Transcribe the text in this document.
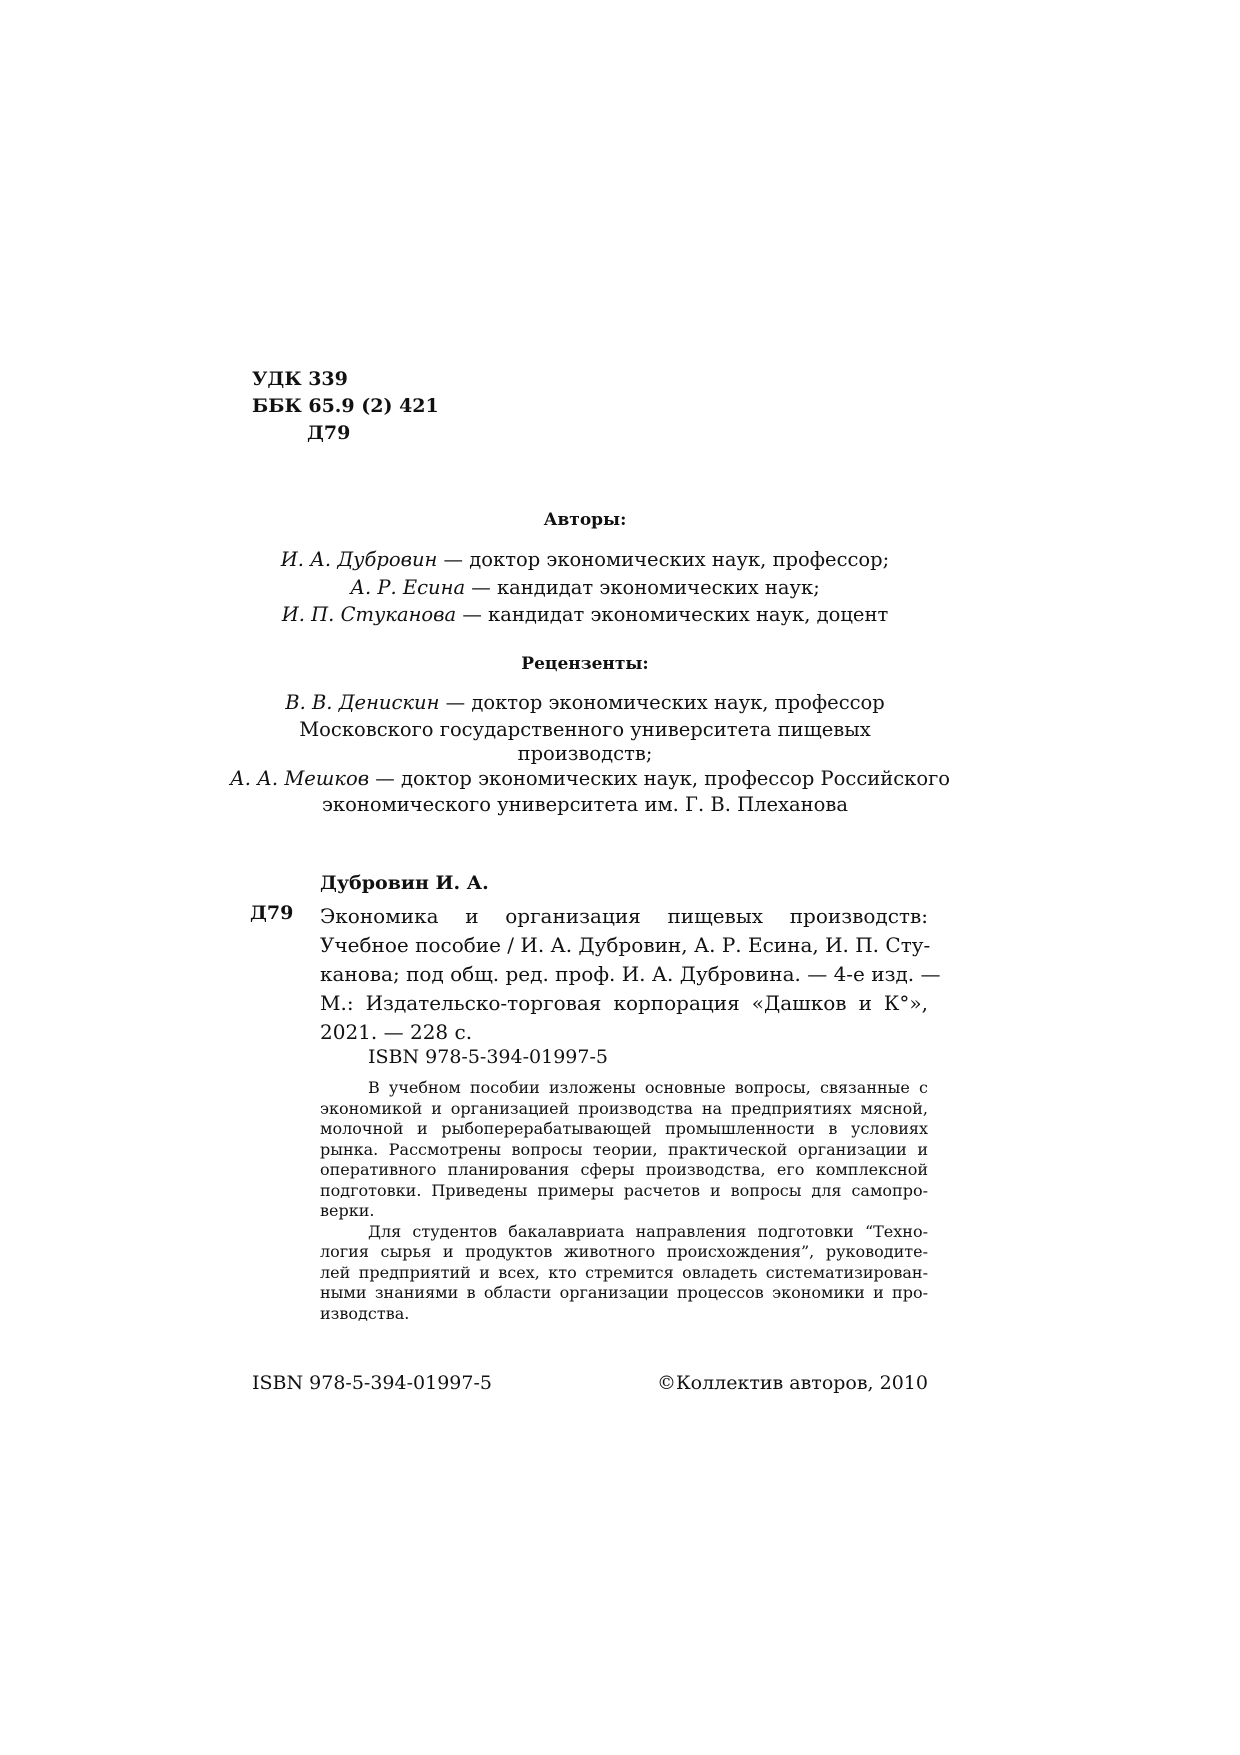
УДК 339
ББК 65.9 (2) 421
Д79
Авторы:
И. А. Дубровин — доктор экономических наук, профессор;
А. Р. Есина — кандидат экономических наук;
И. П. Стуканова — кандидат экономических наук, доцент
Рецензенты:
В. В. Денискин — доктор экономических наук, профессор
Московского государственного университета пищевых
производств;
А. А. Мешков — доктор экономических наук, профессор Российского
экономического университета им. Г. В. Плеханова
Дубровин И. А.
Д79 Экономика и организация пищевых производств:
Учебное пособие / И. А. Дубровин, А. Р. Есина, И. П. Сту-
канова; под общ. ред. проф. И. А. Дубровина. — 4-е изд. —
М.: Издательско-торговая корпорация «Дашков и К°»,
2021. — 228 с.
ISBN 978-5-394-01997-5
В учебном пособии изложены основные вопросы, связанные с
экономикой и организацией производства на предприятиях мясной,
молочной и рыбоперерабатывающей промышленности в условиях
рынка. Рассмотрены вопросы теории, практической организации и
оперативного планирования сферы производства, его комплексной
подготовки. Приведены примеры расчетов и вопросы для самопро-
верки.
Для студентов бакалавриата направления подготовки “Техно-
логия сырья и продуктов животного происхождения”, руководите-
лей предприятий и всех, кто стремится овладеть систематизирован-
ными знаниями в области организации процессов экономики и про-
изводства.
ISBN 978-5-394-01997-5	©Коллектив авторов, 2010
